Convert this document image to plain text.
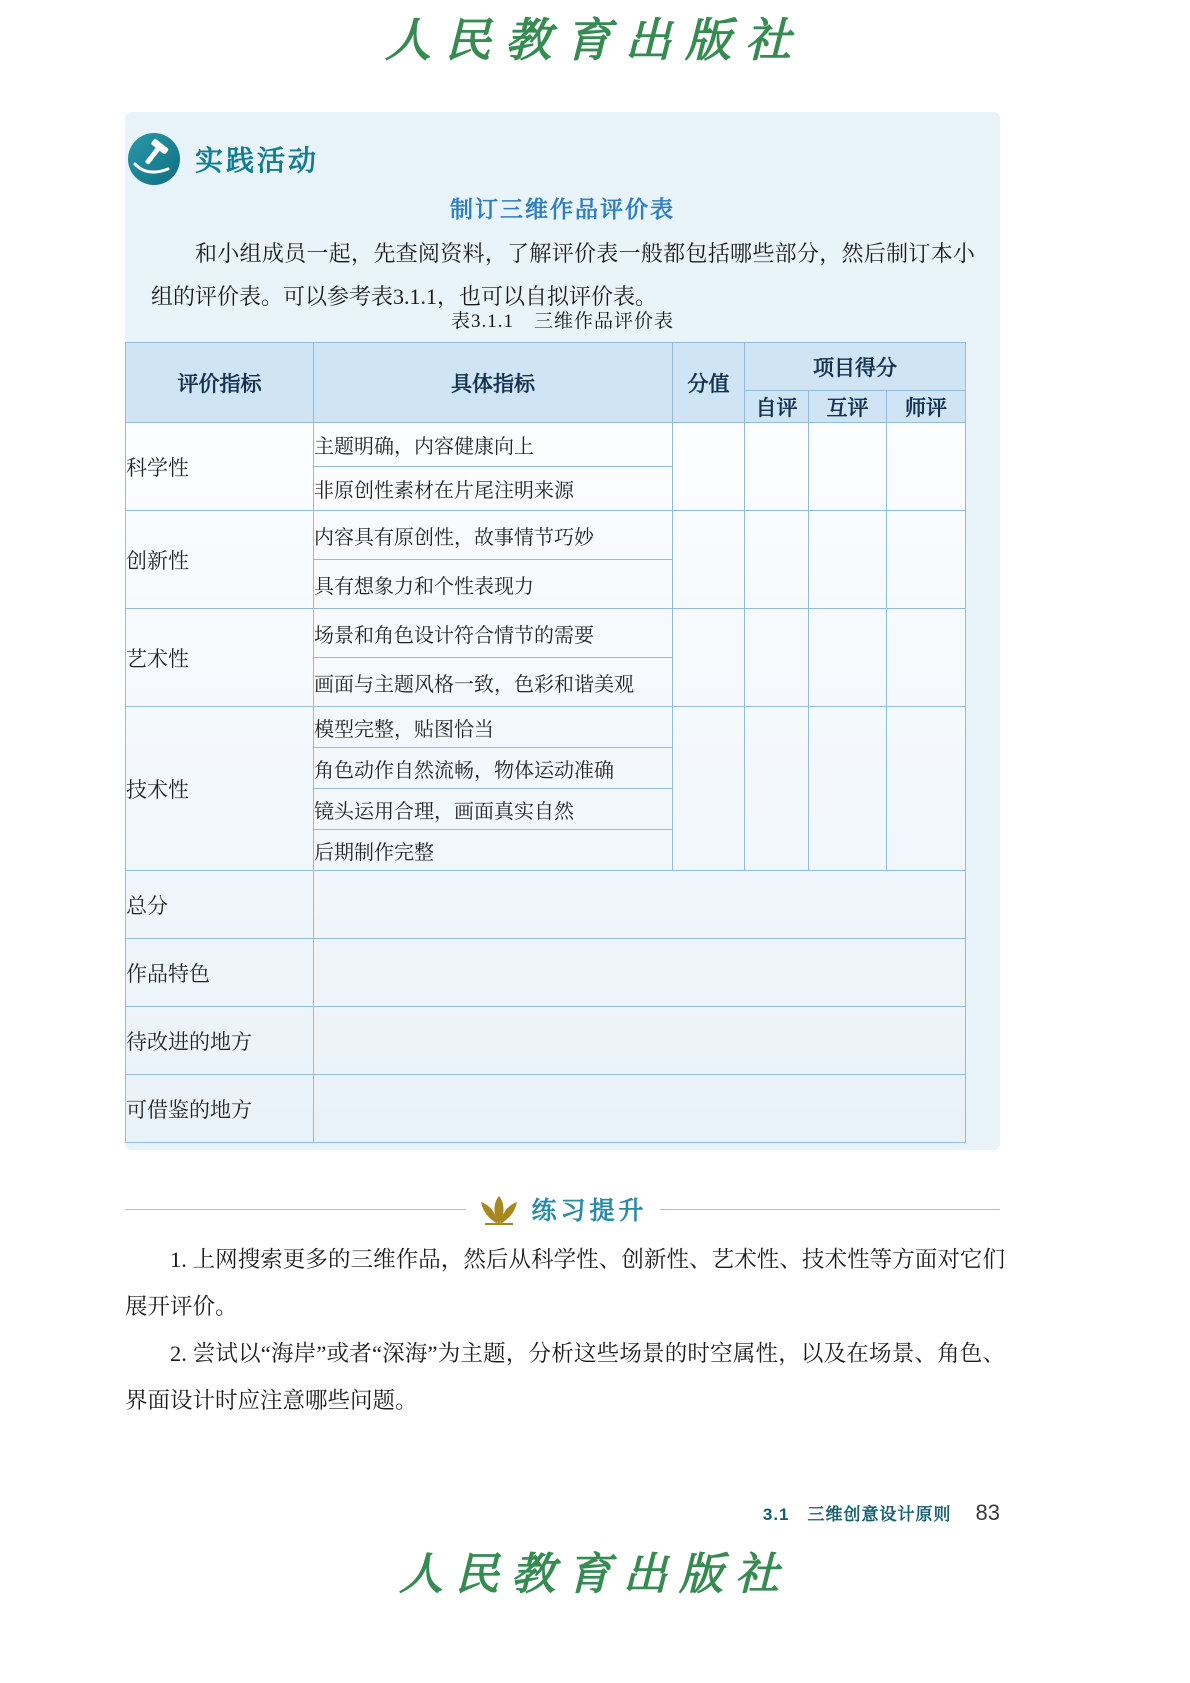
人民教育出版社
实践活动
制订三维作品评价表

和小组成员一起，先查阅资料，了解评价表一般都包括哪些部分，然后制订本小组的评价表。可以参考表3.1.1，也可以自拟评价表。

表3.1.1　三维作品评价表
评价指标	具体指标	分值	项目得分		
			自评	互评	师评
科学性	主题明确，内容健康向上				
	非原创性素材在片尾注明来源				
创新性	内容具有原创性，故事情节巧妙				
	具有想象力和个性表现力				
艺术性	场景和角色设计符合情节的需要				
	画面与主题风格一致，色彩和谐美观				
技术性	模型完整，贴图恰当				
	角色动作自然流畅，物体运动准确				
	镜头运用合理，画面真实自然				
	后期制作完整				
总分					
作品特色					
待改进的地方					
可借鉴的地方					
练习提升

1. 上网搜索更多的三维作品，然后从科学性、创新性、艺术性、技术性等方面对它们展开评价。

2. 尝试以“海岸”或者“深海”为主题，分析这些场景的时空属性，以及在场景、角色、界面设计时应注意哪些问题。

3.1　三维创意设计原则 83
人民教育出版社
